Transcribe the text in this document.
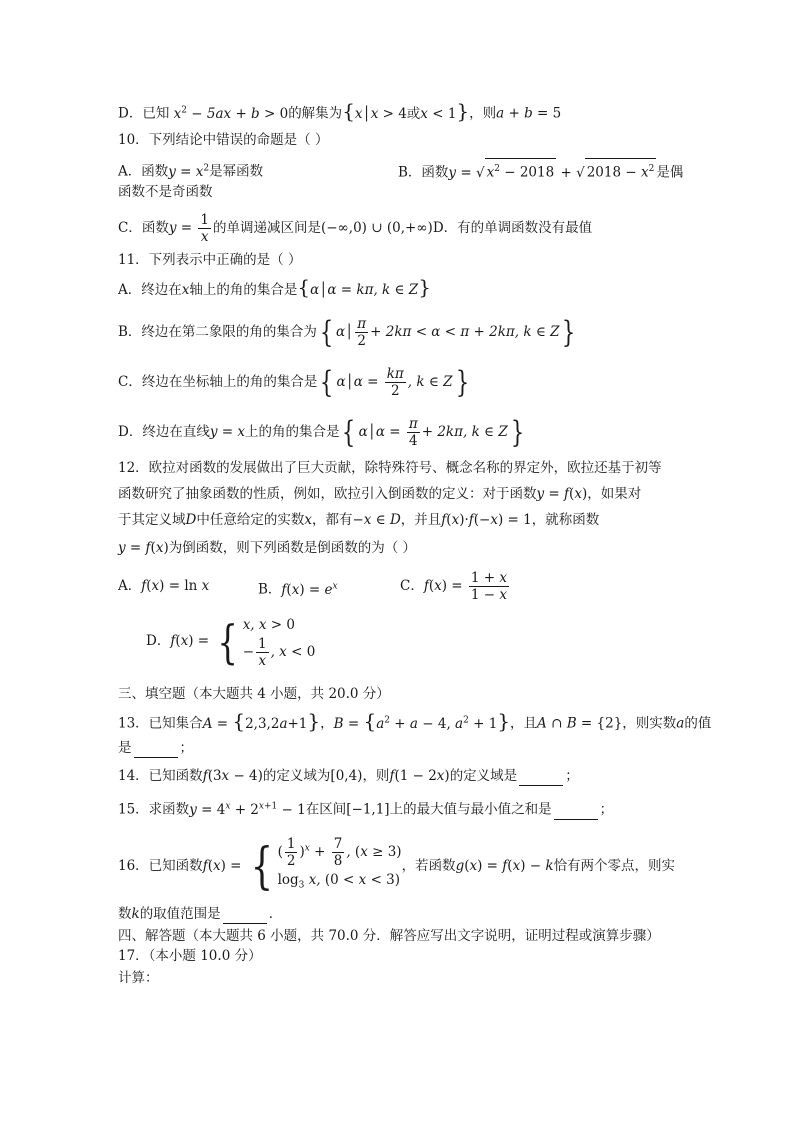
D．已知 $x^2 - 5ax + b > 0$的解集为{x│x > 4或x < 1}，则a + b = 5
10．下列结论中错误的命题是（ ）
A．函数$y = x^2$是幂函数	B．函数y = √ $x^2 - 2018$ + √ $2018 - x^2$ 是偶
函数不是奇函数
C．函数$y = \frac{1}{x}$ 的单调递减区间是(−∞,0) ∪ (0,+∞)D．有的单调函数没有最值
11．下列表示中正确的是（ ）
A．终边在x轴上的角的集合是{α│α = kπ, k ∈ Z}
B．终边在第二象限的角的集合为{ α│ $\frac{\pi}{2} + 2k\pi < \alpha < \pi + 2k\pi$, k ∈ Z}
C．终边在坐标轴上的角的集合是{ α│α = $\frac{k\pi}{2}$ , k ∈ Z}
D．终边在直线y = x上的角的集合是{ α│α = $\frac{\pi}{4} + 2k\pi$, k ∈ Z}
12．欧拉对函数的发展做出了巨大贡献，除特殊符号、概念名称的界定外，欧拉还基于初等
函数研究了抽象函数的性质，例如，欧拉引入倒函数的定义：对于函数y = f(x)，如果对
于其定义域D中任意给定的实数x，都有−x ∈ D，并且f(x)·f(−x) = 1，就称函数
y = f(x)为倒函数，则下列函数是倒函数的为（ ）
A．f(x) = ln x	B．$f(x) = e^x$	C．$f(x) = \frac{1 + x}{1 - x}$
D．f(x) = { x, x > 0
− $\frac{1}{x}$ , x < 0
三、填空题（本大题共 4 小题，共 20.0 分）
13．已知集合A = {2,3,2a+1}，$B = \{a^2 + a - 4$, $a^2 + 1$}，且A ∩ B = {2}，则实数a的值
是	；
14．已知函数f(3x − 4)的定义域为[0,4)，则f(1 − 2x)的定义域是	；
15．求函数$y = 4^x + 2^{x+1} - 1$在区间[−1,1]上的最大值与最小值之和是	；
16．已知函数f(x) = { ( $\frac{1}{2} )^x + \frac{7}{8}$ , (x ≥ 3)
$\log_3 x$, (0 < x < 3)
，若函数g(x) = f(x) − k恰有两个零点，则实
数k的取值范围是	．
四、解答题（本大题共 6 小题，共 70.0 分．解答应写出文字说明，证明过程或演算步骤）
17．（本小题 10.0 分）
计算：
